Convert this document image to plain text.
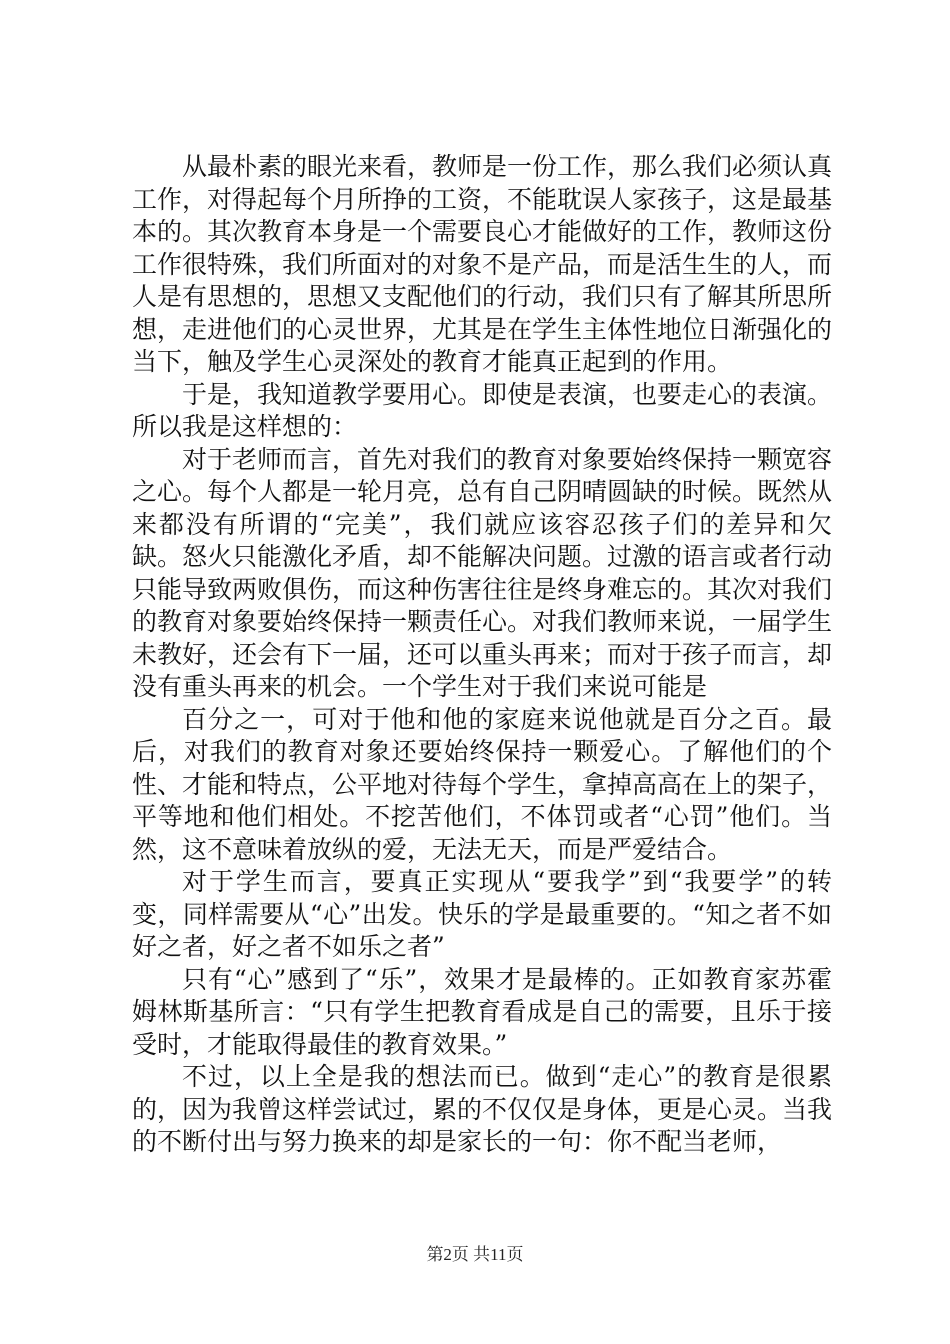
从最朴素的眼光来看，教师是一份工作，那么我们必须认真工作，对得起每个月所挣的工资，不能耽误人家孩子，这是最基本的。其次教育本身是一个需要良心才能做好的工作，教师这份工作很特殊，我们所面对的对象不是产品，而是活生生的人，而人是有思想的，思想又支配他们的行动，我们只有了解其所思所想，走进他们的心灵世界，尤其是在学生主体性地位日渐强化的当下，触及学生心灵深处的教育才能真正起到的作用。

于是，我知道教学要用心。即使是表演，也要走心的表演。所以我是这样想的：

对于老师而言，首先对我们的教育对象要始终保持一颗宽容之心。每个人都是一轮月亮，总有自己阴晴圆缺的时候。既然从来都没有所谓的“完美”，我们就应该容忍孩子们的差异和欠缺。怒火只能激化矛盾，却不能解决问题。过激的语言或者行动只能导致两败俱伤，而这种伤害往往是终身难忘的。其次对我们的教育对象要始终保持一颗责任心。对我们教师来说，一届学生未教好，还会有下一届，还可以重头再来；而对于孩子而言，却没有重头再来的机会。一个学生对于我们来说可能是

百分之一，可对于他和他的家庭来说他就是百分之百。最后，对我们的教育对象还要始终保持一颗爱心。了解他们的个性、才能和特点，公平地对待每个学生，拿掉高高在上的架子，平等地和他们相处。不挖苦他们，不体罚或者“心罚”他们。当然，这不意味着放纵的爱，无法无天，而是严爱结合。

对于学生而言，要真正实现从“要我学”到“我要学”的转变，同样需要从“心”出发。快乐的学是最重要的。“知之者不如好之者，好之者不如乐之者”

只有“心”感到了“乐”，效果才是最棒的。正如教育家苏霍姆林斯基所言：“只有学生把教育看成是自己的需要，且乐于接受时，才能取得最佳的教育效果。”

不过，以上全是我的想法而已。做到“走心”的教育是很累的，因为我曾这样尝试过，累的不仅仅是身体，更是心灵。当我的不断付出与努力换来的却是家长的一句：你不配当老师，

第2页 共11页
